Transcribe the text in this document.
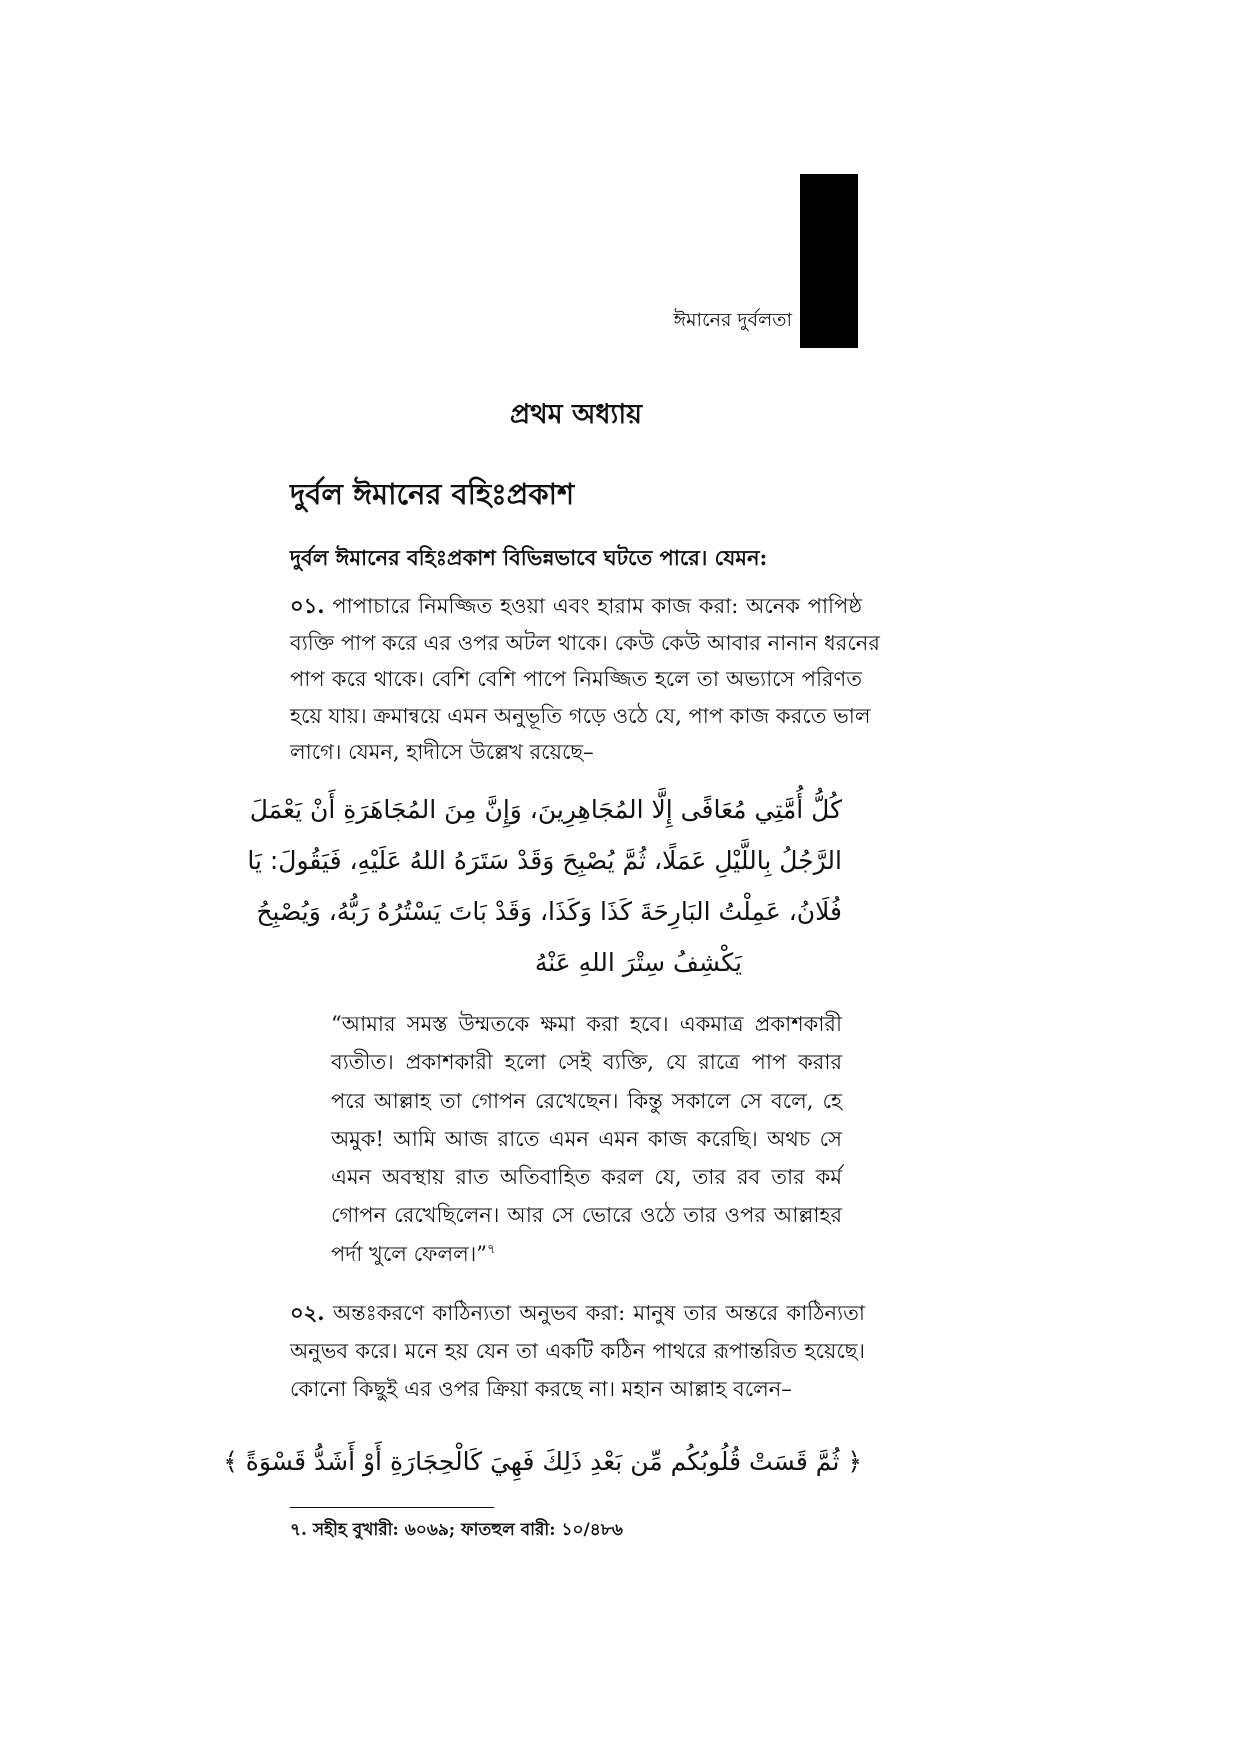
ঈমানের দুর্বলতা
প্রথম অধ্যায়
দুর্বল ঈমানের বহিঃপ্রকাশ
দুর্বল ঈমানের বহিঃপ্রকাশ বিভিন্নভাবে ঘটতে পারে। যেমন:
০১. পাপাচারে নিমজ্জিত হওয়া এবং হারাম কাজ করা: অনেক পাপিষ্ঠ
ব্যক্তি পাপ করে এর ওপর অটল থাকে। কেউ কেউ আবার নানান ধরনের
পাপ করে থাকে। বেশি বেশি পাপে নিমজ্জিত হলে তা অভ্যাসে পরিণত
হয়ে যায়। ক্রমান্বয়ে এমন অনুভূতি গড়ে ওঠে যে, পাপ কাজ করতে ভাল
লাগে। যেমন, হাদীসে উল্লেখ রয়েছে–
كُلُّ أُمَّتِي مُعَافًى إِلَّا المُجَاهِرِينَ، وَإِنَّ مِنَ المُجَاهَرَةِ أَنْ يَعْمَلَ
الرَّجُلُ بِاللَّيْلِ عَمَلًا، ثُمَّ يُصْبِحَ وَقَدْ سَتَرَهُ اللهُ عَلَيْهِ، فَيَقُولَ: يَا
فُلَانُ، عَمِلْتُ البَارِحَةَ كَذَا وَكَذَا، وَقَدْ بَاتَ يَسْتُرُهُ رَبُّهُ، وَيُصْبِحُ
يَكْشِفُ سِتْرَ اللهِ عَنْهُ
“আমার সমস্ত উম্মতকে ক্ষমা করা হবে। একমাত্র প্রকাশকারী
ব্যতীত। প্রকাশকারী হলো সেই ব্যক্তি, যে রাত্রে পাপ করার
পরে আল্লাহ তা গোপন রেখেছেন। কিন্তু সকালে সে বলে, হে
অমুক! আমি আজ রাতে এমন এমন কাজ করেছি। অথচ সে
এমন অবস্থায় রাত অতিবাহিত করল যে, তার রব তার কর্ম
গোপন রেখেছিলেন। আর সে ভোরে ওঠে তার ওপর আল্লাহর
পর্দা খুলে ফেলল।”$^৭$
০২. অন্তঃকরণে কাঠিন্যতা অনুভব করা: মানুষ তার অন্তরে কাঠিন্যতা
অনুভব করে। মনে হয় যেন তা একটি কঠিন পাথরে রূপান্তরিত হয়েছে।
কোনো কিছুই এর ওপর ক্রিয়া করছে না। মহান আল্লাহ বলেন–
﴿ ثُمَّ قَسَتْ قُلُوبُكُم مِّن بَعْدِ ذَلِكَ فَهِيَ كَالْحِجَارَةِ أَوْ أَشَدُّ قَسْوَةً ﴾
৭. সহীহ বুখারী: ৬০৬৯; ফাতহুল বারী: ১০/৪৮৬
